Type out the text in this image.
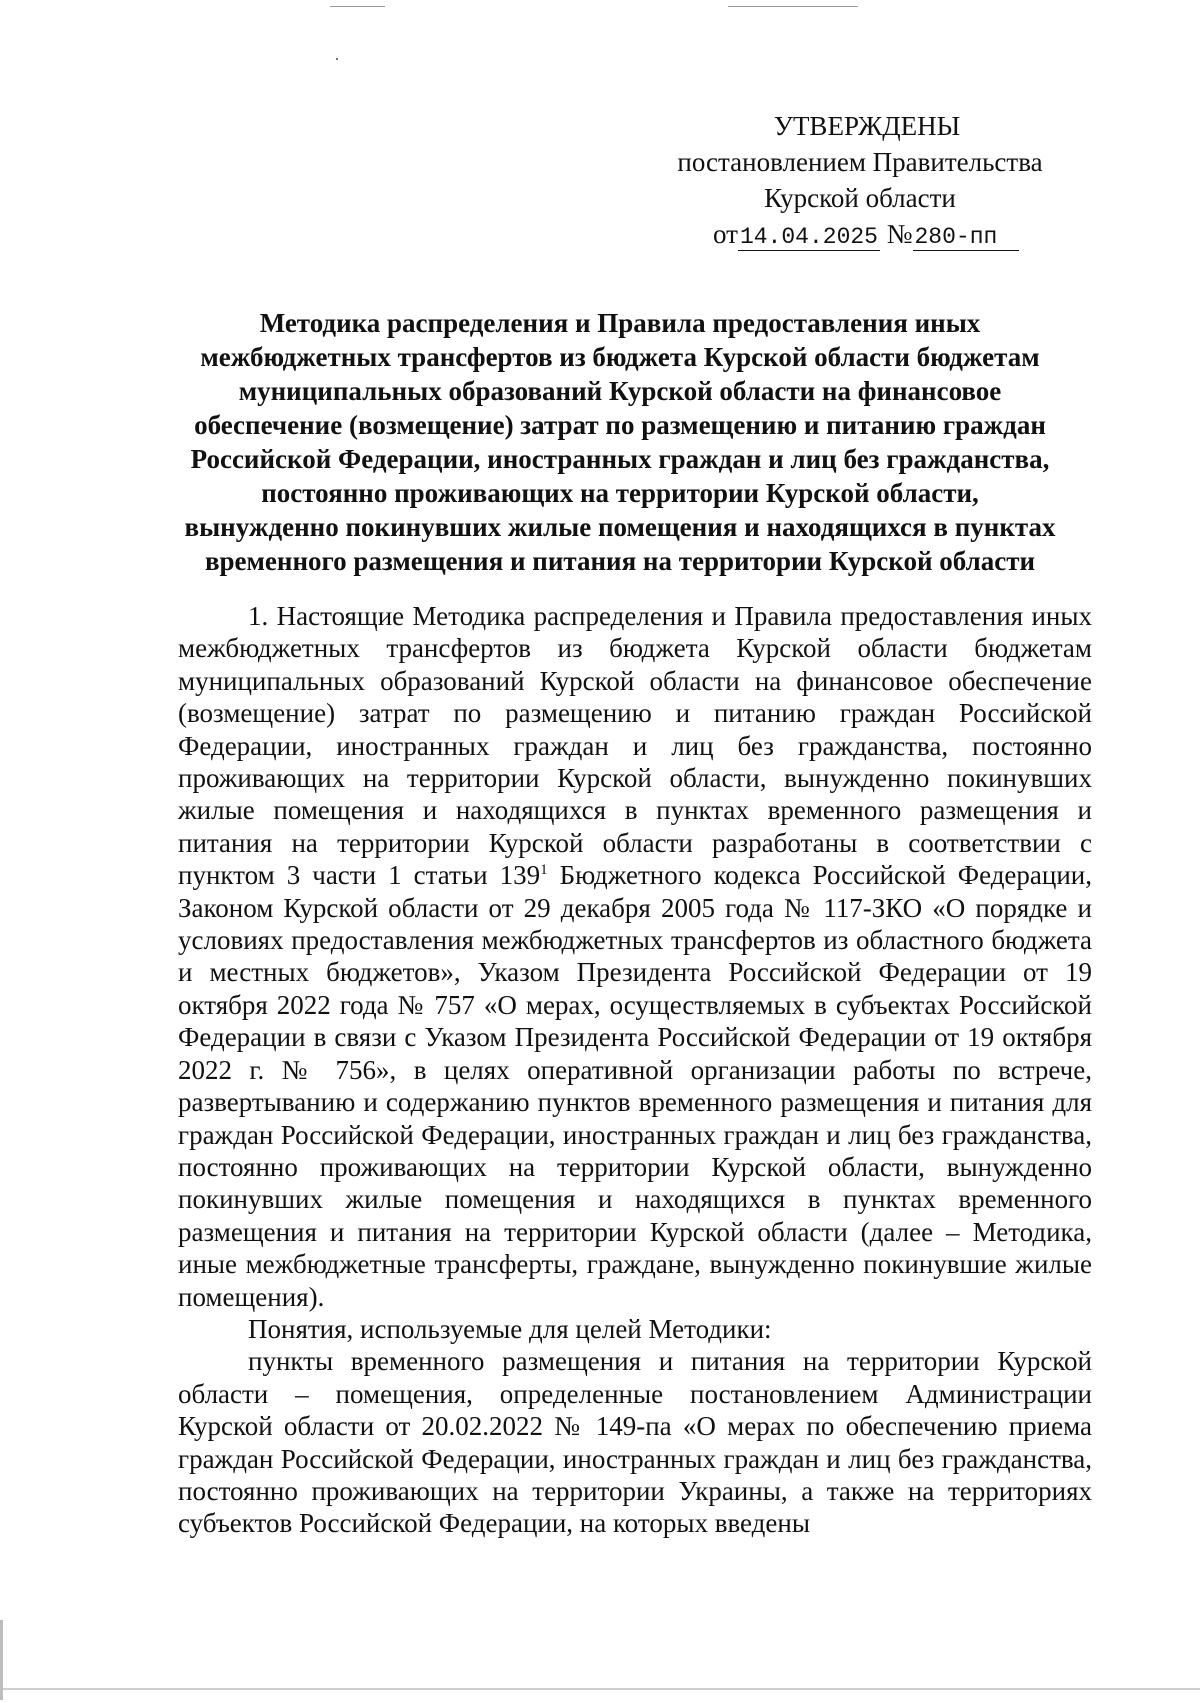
УТВЕРЖДЕНЫ
постановлением Правительства
Курской области
от14.04.2025 №280-пп
Методика распределения и Правила предоставления иных
межбюджетных трансфертов из бюджета Курской области бюджетам
муниципальных образований Курской области на финансовое
обеспечение (возмещение) затрат по размещению и питанию граждан
Российской Федерации, иностранных граждан и лиц без гражданства,
постоянно проживающих на территории Курской области,
вынужденно покинувших жилые помещения и находящихся в пунктах
временного размещения и питания на территории Курской области

1. Настоящие Методика распределения и Правила предоставления иных межбюджетных трансфертов из бюджета Курской области бюджетам муниципальных образований Курской области на финансовое обеспечение (возмещение) затрат по размещению и питанию граждан Российской Федерации, иностранных граждан и лиц без гражданства, постоянно проживающих на территории Курской области, вынужденно покинувших жилые помещения и находящихся в пунктах временного размещения и питания на территории Курской области разработаны в соответствии с пунктом 3 части 1 статьи $139^1$ Бюджетного кодекса Российской Федерации, Законом Курской области от 29 декабря 2005 года № 117-ЗКО «О порядке и условиях предоставления межбюджетных трансфертов из областного бюджета и местных бюджетов», Указом Президента Российской Федерации от 19 октября 2022 года № 757 «О мерах, осуществляемых в субъектах Российской Федерации в связи с Указом Президента Российской Федерации от 19 октября 2022 г. № 756», в целях оперативной организации работы по встрече, развертыванию и содержанию пунктов временного размещения и питания для граждан Российской Федерации, иностранных граждан и лиц без гражданства, постоянно проживающих на территории Курской области, вынужденно покинувших жилые помещения и находящихся в пунктах временного размещения и питания на территории Курской области (далее – Методика, иные межбюджетные трансферты, граждане, вынужденно покинувшие жилые помещения).

Понятия, используемые для целей Методики:

пункты временного размещения и питания на территории Курской области – помещения, определенные постановлением Администрации Курской области от 20.02.2022 № 149-па «О мерах по обеспечению приема граждан Российской Федерации, иностранных граждан и лиц без гражданства, постоянно проживающих на территории Украины, а также на территориях субъектов Российской Федерации, на которых введены
